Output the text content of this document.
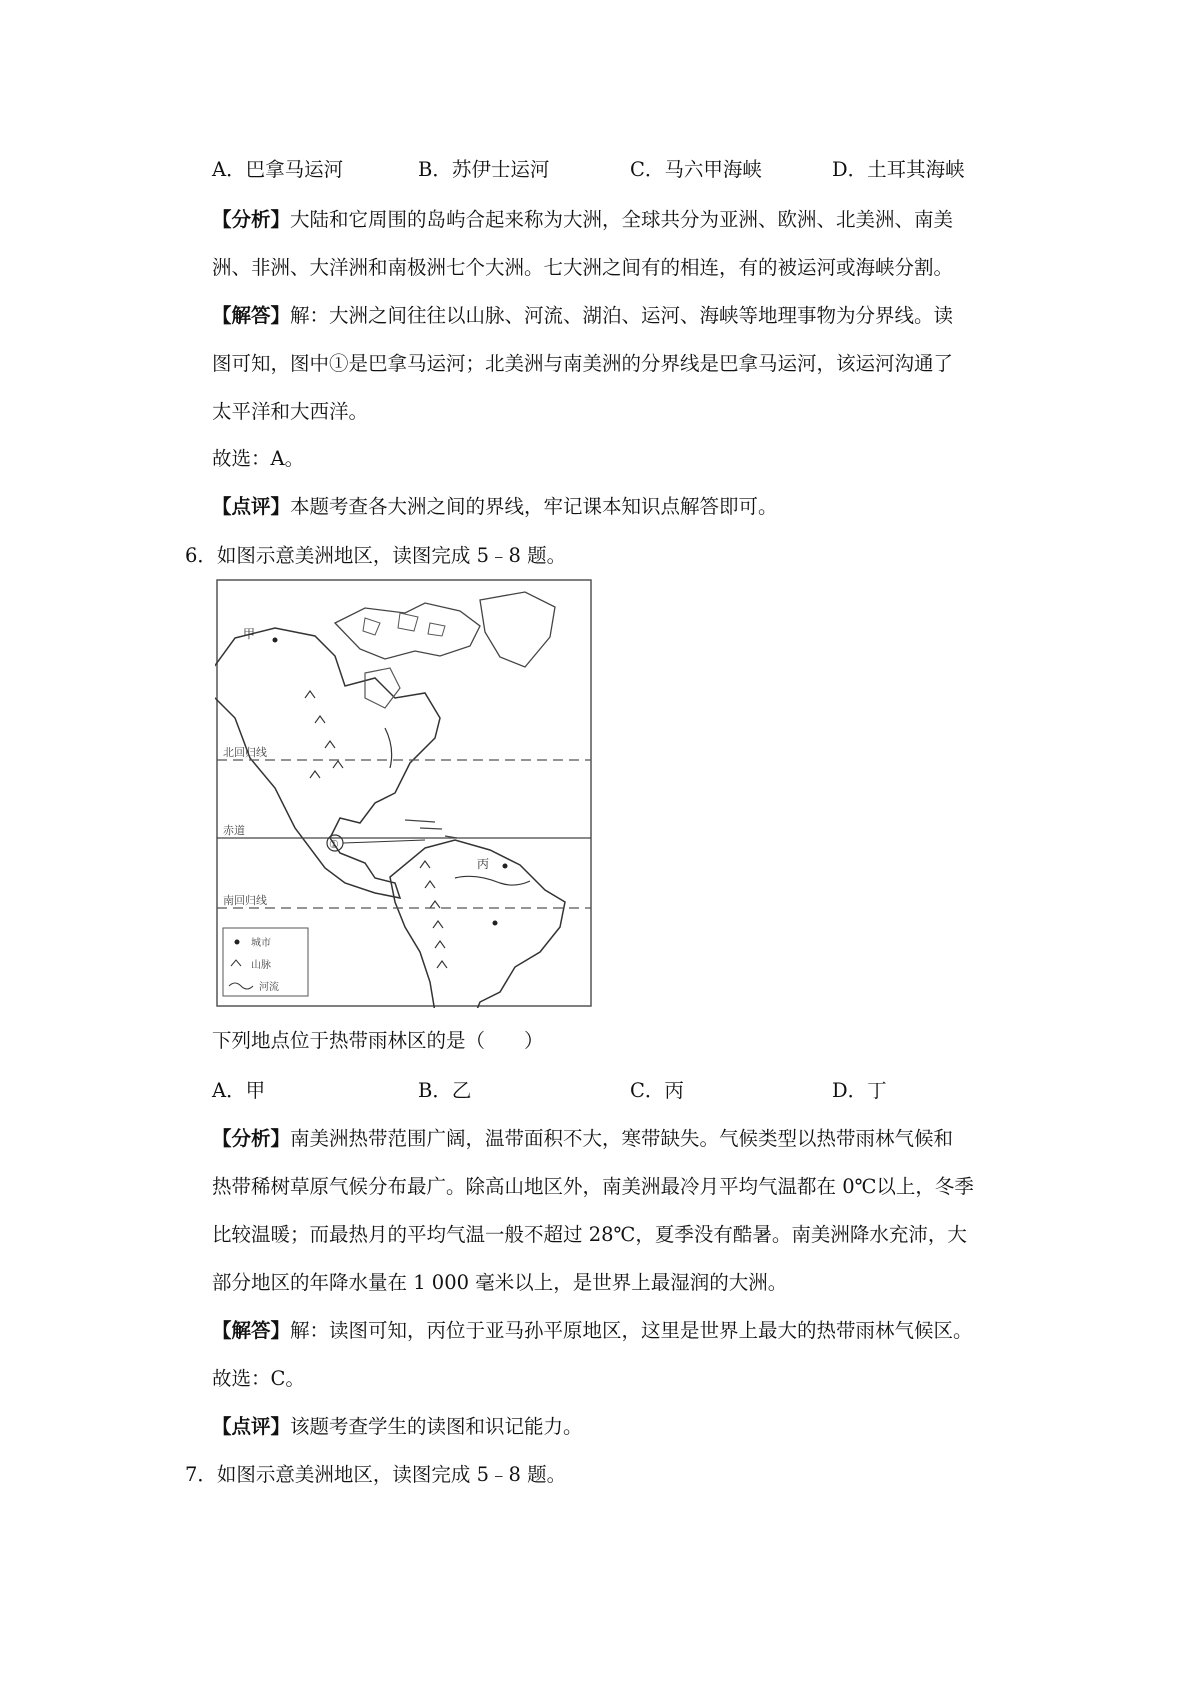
A．巴拿马运河	B．苏伊士运河	C．马六甲海峡	D．土耳其海峡
【分析】大陆和它周围的岛屿合起来称为大洲，全球共分为亚洲、欧洲、北美洲、南美
洲、非洲、大洋洲和南极洲七个大洲。七大洲之间有的相连，有的被运河或海峡分割。
【解答】解：大洲之间往往以山脉、河流、湖泊、运河、海峡等地理事物为分界线。读
图可知，图中①是巴拿马运河；北美洲与南美洲的分界线是巴拿马运河，该运河沟通了
太平洋和大西洋。
故选：A。
【点评】本题考查各大洲之间的界线，牢记课本知识点解答即可。
6．如图示意美洲地区，读图完成 5﹣8 题。
甲
北回归线
赤道
南回归线
①
丙
城市
山脉
河流
下列地点位于热带雨林区的是（　　）
A．甲	B．乙	C．丙	D．丁
【分析】南美洲热带范围广阔，温带面积不大，寒带缺失。气候类型以热带雨林气候和
热带稀树草原气候分布最广。除高山地区外，南美洲最冷月平均气温都在 0℃以上，冬季
比较温暖；而最热月的平均气温一般不超过 28℃，夏季没有酷暑。南美洲降水充沛，大
部分地区的年降水量在 1 000 毫米以上，是世界上最湿润的大洲。
【解答】解：读图可知，丙位于亚马孙平原地区，这里是世界上最大的热带雨林气候区。
故选：C。
【点评】该题考查学生的读图和识记能力。
7．如图示意美洲地区，读图完成 5﹣8 题。
